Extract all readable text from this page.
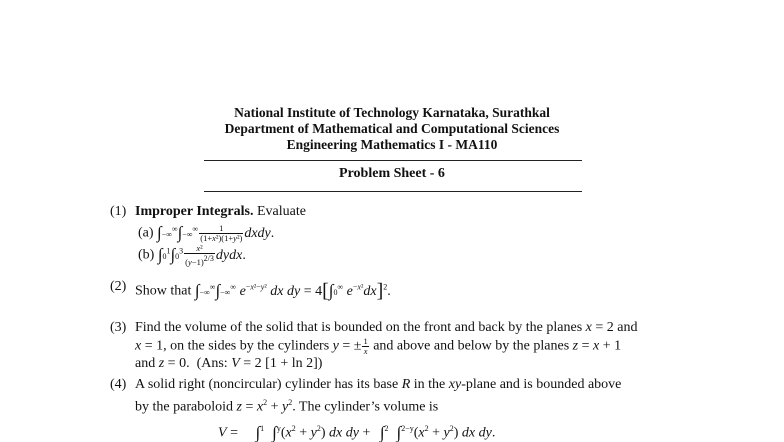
National Institute of Technology Karnataka, Surathkal
Department of Mathematical and Computational Sciences
Engineering Mathematics I - MA110
Problem Sheet - 6
(1) Improper Integrals. Evaluate
(a) $\int-\infty^\infty\int-\infty^\infty \frac{1}{\text{(1+x²)(1+y²)}}$ dxdy.
(b) $\int 0^1\int 0^3 \frac{\text{x²}}{(y-1)^{2/3}}$ dydx.
(2) Show that ∫−∞∞∫−∞∞ $e^{-x^2-y^2}$ dx dy = 4[∫0∞ $e^{-x^2}dx]^2$.
(3) Find the volume of the solid that is bounded on the front and back by the planes x = 2 and
x = 1, on the sides by the cylinders y = ± $\frac{1}{x}$ and above and below by the planes z = x + 1
and z = 0.  (Ans: V = 2 [1 + ln 2])
(4) A solid right (noncircular) cylinder has its base R in the xy-plane and is bounded above
by the paraboloid $z = x^2 + y^2$. The cylinder’s volume is
V = ∫$^1$ $\int^y(x^2 + y^2)$ dx dy + ∫$^2$ $\int^{2-y}(x^2 + y^2)$ dx dy.
